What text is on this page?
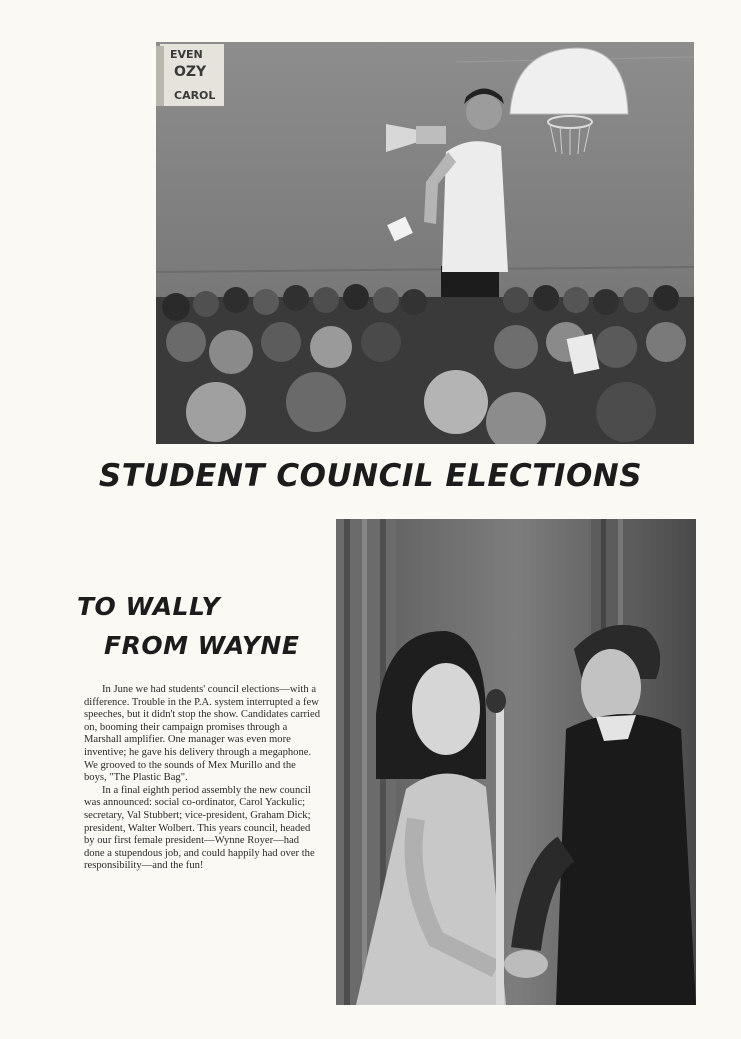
EVEN
OZY
CAROL
STUDENT COUNCIL ELECTIONS
TO WALLY
FROM WAYNE

In June we had students' council elections—with a difference. Trouble in the P.A. system interrupted a few speeches, but it didn't stop the show. Candidates carried on, booming their campaign promises through a Marshall amplifier. One manager was even more inventive; he gave his delivery through a megaphone. We grooved to the sounds of Mex Murillo and the boys, "The Plastic Bag".

In a final eighth period assembly the new council was announced: social co-ordinator, Carol Yackulic; secretary, Val Stubbert; vice-president, Graham Dick; president, Walter Wolbert. This years council, headed by our first female president—Wynne Royer—had done a stupendous job, and could happily had over the responsibility—and the fun!
